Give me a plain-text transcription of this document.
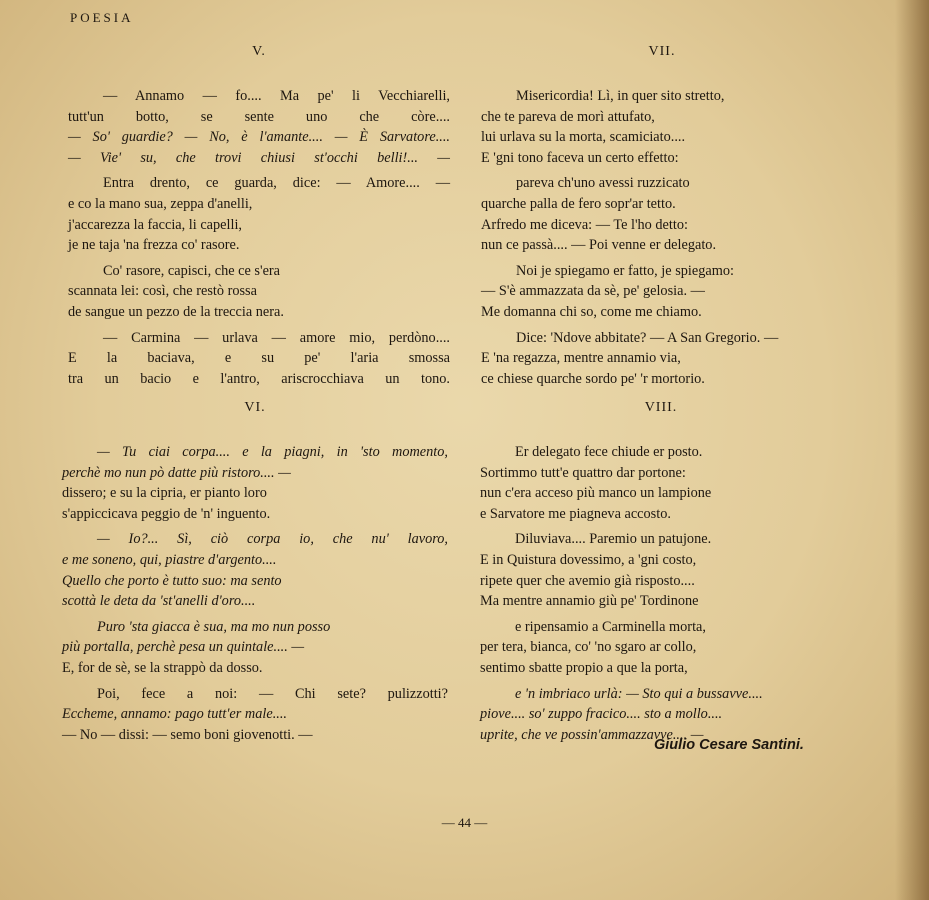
POESIA
V.
— Annamo — fo.... Ma pe' li Vecchiarelli,
tutt'un botto, se sente uno che còre....
— So' guardie? — No, è l'amante.... — È Sarvatore....
— Vie' su, che trovi chiusi st'occhi belli!... —
Entra drento, ce guarda, dice: — Amore.... —
e co la mano sua, zeppa d'anelli,
j'accarezza la faccia, li capelli,
je ne taja 'na frezza co' rasore.
Co' rasore, capisci, che ce s'era
scannata lei: così, che restò rossa
de sangue un pezzo de la treccia nera.
— Carmina — urlava — amore mio, perdòno....
E la baciava, e su pe' l'aria smossa
tra un bacio e l'antro, ariscrocchiava un tono.
VI.
— Tu ciai corpa.... e la piagni, in 'sto momento,
perchè mo nun pò datte più ristoro.... —
dissero; e su la cipria, er pianto loro
s'appiccicava peggio de 'n' inguento.
— Io?... Sì, ciò corpa io, che nu' lavoro,
e me soneno, qui, piastre d'argento....
Quello che porto è tutto suo: ma sento
scottà le deta da 'st'anelli d'oro....
Puro 'sta giacca è sua, ma mo nun posso
più portalla, perchè pesa un quintale.... —
E, for de sè, se la strappò da dosso.
Poi, fece a noi: — Chi sete? pulizzotti?
Eccheme, annamo: pago tutt'er male....
— No — dissi: — semo boni giovenotti. —
VII.
Misericordia! Lì, in quer sito stretto,
che te pareva de morì attufato,
lui urlava su la morta, scamiciato....
E 'gni tono faceva un certo effetto:
pareva ch'uno avessi ruzzicato
quarche palla de fero sopr'ar tetto.
Arfredo me diceva: — Te l'ho detto:
nun ce passà.... — Poi venne er delegato.
Noi je spiegamo er fatto, je spiegamo:
— S'è ammazzata da sè, pe' gelosia. —
Me domanna chi so, come me chiamo.
Dice: 'Ndove abbitate? — A San Gregorio. —
E 'na regazza, mentre annamio via,
ce chiese quarche sordo pe' 'r mortorio.
VIII.
Er delegato fece chiude er posto.
Sortimmo tutt'e quattro dar portone:
nun c'era acceso più manco un lampione
e Sarvatore me piagneva accosto.
Diluviava.... Paremio un patujone.
E in Quistura dovessimo, a 'gni costo,
ripete quer che avemio già risposto....
Ma mentre annamio giù pe' Tordinone
e ripensamio a Carminella morta,
per tera, bianca, co' 'no sgaro ar collo,
sentimo sbatte propio a que la porta,
e 'n imbriaco urlà: — Sto qui a bussavve....
piove.... so' zuppo fracico.... sto a mollo....
uprite, che ve possin'ammazzavve.... —
Giulio Cesare Santini.
— 44 —
